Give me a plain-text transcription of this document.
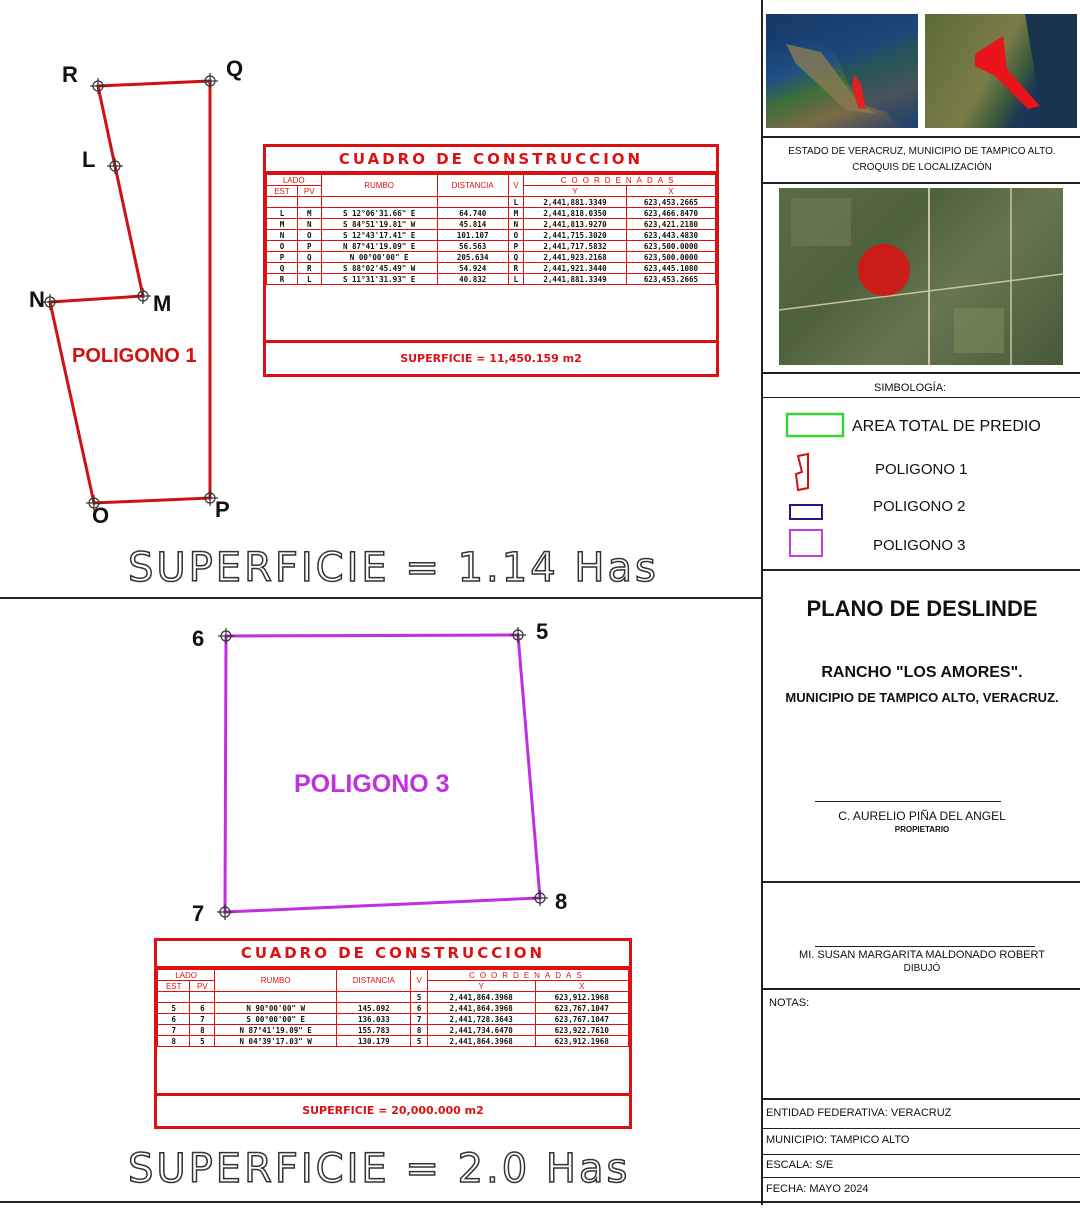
R	Q
L
N	M
O	P
POLIGONO 1
CUADRO DE CONSTRUCCION
LADO		RUMBO	DISTANCIA	V	COORDENADAS	
EST	PV				Y	X
				L	2,441,881.3349	623,453.2665
L	M	S 12°06'31.66" E	64.740	M	2,441,818.0350	623,466.8470
M	N	S 84°51'19.81" W	45.814	N	2,441,813.9270	623,421.2180
N	O	S 12°43'17.41" E	101.107	O	2,441,715.3020	623,443.4830
O	P	N 87°41'19.09" E	56.563	P	2,441,717.5832	623,500.0000
P	Q	N 00°00'00" E	205.634	Q	2,441,923.2168	623,500.0000
Q	R	S 88°02'45.49" W	54.924	R	2,441,921.3440	623,445.1080
R	L	S 11°31'31.93" E	40.832	L	2,441,881.3349	623,453.2665
SUPERFICIE = 11,450.159 m2
SUPERFICIE = 1.14 Has
5
6
7	8
POLIGONO 3
CUADRO DE CONSTRUCCION
LADO		RUMBO	DISTANCIA	V	COORDENADAS	
EST	PV				Y	X
				5	2,441,864.3968	623,912.1968
5	6	N 90°00'00" W	145.092	6	2,441,864.3968	623,767.1047
6	7	S 00°00'00" E	136.033	7	2,441,728.3643	623,767.1047
7	8	N 87°41'19.09" E	155.783	8	2,441,734.6470	623,922.7610
8	5	N 04°39'17.03" W	130.179	5	2,441,864.3968	623,912.1968
SUPERFICIE = 20,000.000 m2
SUPERFICIE = 2.0 Has
ESTADO DE VERACRUZ, MUNICIPIO DE TAMPICO ALTO.
CROQUIS DE LOCALIZACIÓN
SIMBOLOGÍA:
AREA TOTAL DE PREDIO
POLIGONO 1
POLIGONO 2
POLIGONO 3
PLANO DE DESLINDE
RANCHO "LOS AMORES".
MUNICIPIO DE TAMPICO ALTO, VERACRUZ.
C. AURELIO PIÑA DEL ANGEL
PROPIETARIO
MI. SUSAN MARGARITA MALDONADO ROBERT
DIBUJÓ
NOTAS:
ENTIDAD FEDERATIVA: VERACRUZ
MUNICIPIO: TAMPICO ALTO
ESCALA: S/E
FECHA: MAYO 2024
